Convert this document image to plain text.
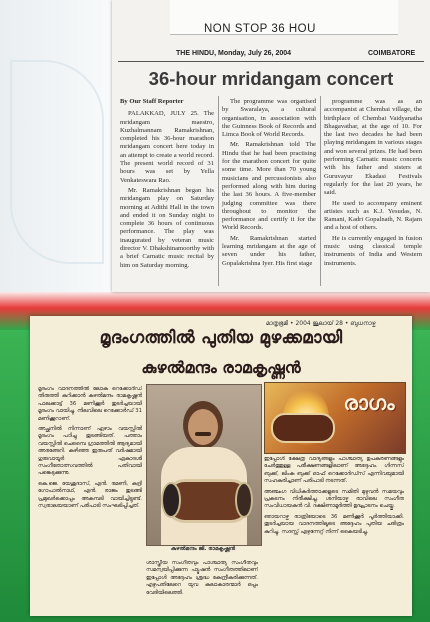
NON STOP 36 HOU
THE HINDU, Monday, July 26, 2004	COIMBATORE
36-hour mridangam concert

By Our Staff Reporter

PALAKKAD, JULY 25. The mridangam maestro, Kuzhalmannam Ramakrishnan, completed his 36-hour marathon mridangam concert here today in an attempt to create a world record. The present world record of 31 hours was set by Yella Venkateswara Rao.

Mr. Ramakrishnan began his mridangam play on Saturday morning at Adithi Hall in the town and ended it on Sunday night to complete 36 hours of continuous performance. The play was inaugurated by veteran music director V. Dhakshinamoorthy with a brief Carnatic music recital by him on Saturday morning.

The programme was organised by Swaralaya, a cultural organisation, in association with the Guinness Book of Records and Limca Book of World Records.

Mr. Ramakrishnan told The Hindu that he had been practising for the marathon concert for quite some time. More than 70 young musicians and percussionists also performed along with him during the last 36 hours. A five-member judging committee was there throughout to monitor the performance and certify it for the World Records.

Mr. Ramakrishnan started learning mridangam at the age of seven under his father, Gopalakrishna Iyer. His first stage

programme was as an accompanist at Chembai village, the birthplace of Chembai Vaidyanatha Bhagavathar, at the age of 10. For the last two decades he had been playing mridangam in various stages and won several prizes. He had been performing Carnatic music concerts with his father and sisters at Guruvayur Ekadasi Festivals regularly for the last 20 years, he said.

He used to accompany eminent artistes such as K.J. Yesudas, N. Ramani, Kadri Gopalnath, N. Rajam and a host of others.

He is currently engaged in fusion music using classical temple instruments of India and Western instruments.

മാതൃഭൂമി • 2004 ജൂലായ് 28 • ബുധനാഴ്ച
മൃദംഗത്തിൽ പുതിയ മുഴക്കമായി
കുഴൽമന്ദം രാമകൃഷ്ണൻ

മൃദംഗം വാദനത്തിൽ ലോക റെക്കോർഡ് തിരുത്തി കുറിക്കാൻ കുഴൽമന്ദം രാമകൃഷ്ണൻ പാലക്കാട്ട് 36 മണിക്കൂർ തുടർച്ചയായി മൃദംഗം വായിച്ചു. നിലവിലെ റെക്കോർഡ് 31 മണിക്കൂറാണ്.

അച്ഛനിൽ നിന്നാണ് ഏഴാം വയസ്സിൽ മൃദംഗം പഠിച്ചു തുടങ്ങിയത്. പത്താം വയസ്സിൽ ചെമ്പൈ ഗ്രാമത്തിൽ ആദ്യമായി അരങ്ങേറി. കഴിഞ്ഞ ഇരുപത് വർഷമായി ഗുരുവായൂർ ഏകാദശി സംഗീതോത്സവത്തിൽ പതിവായി പങ്കെടുക്കുന്നു.

കെ.ജെ. യേശുദാസ്, എൻ. രമണി, കദ്രി ഗോപാൽനാഥ്, എൻ. രാജം തുടങ്ങി പ്രമുഖർക്കൊപ്പം അകമ്പടി വായിച്ചിട്ടുണ്ട്. സ്വരാലയയാണ് പരിപാടി സംഘടിപ്പിച്ചത്.

കുഴൽമന്ദം ജി. രാമകൃഷ്ണൻ

ശാസ്ത്രീയ സംഗീതവും പാശ്ചാത്യ സംഗീതവും സമന്വയിപ്പിക്കുന്ന ഫ്യൂഷൻ സംഗീതത്തിലാണ് ഇപ്പോൾ അദ്ദേഹം ശ്രദ്ധ കേന്ദ്രീകരിക്കുന്നത്. എഴുപതിലേറെ യുവ കലാകാരന്മാർ ഒപ്പം വേദിയിലെത്തി.

രാഗം

ഇപ്പോൾ ക്ഷേത്ര വാദ്യങ്ങളും പാശ്ചാത്യ ഉപകരണങ്ങളും ചേർത്തുള്ള പരീക്ഷണങ്ങളിലാണ് അദ്ദേഹം. ഗിന്നസ് ബുക്ക്, ലിംക ബുക്ക് ഓഫ് റെക്കോർഡ്സ് എന്നിവയുമായി സഹകരിച്ചാണ് പരിപാടി നടന്നത്.

അഞ്ചംഗ വിധികർത്താക്കളുടെ സമിതി മുഴുവൻ സമയവും പ്രകടനം നിരീക്ഷിച്ചു. ശനിയാഴ്ച രാവിലെ സംഗീത സംവിധായകൻ വി. ദക്ഷിണാമൂർത്തി ഉദ്ഘാടനം ചെയ്തു.

ഞായറാഴ്ച രാത്രിയോടെ 36 മണിക്കൂർ പൂർത്തിയാക്കി. തുടർച്ചയായ വാദനത്തിലൂടെ അദ്ദേഹം പുതിയ ചരിത്രം കുറിച്ചു. സദസ്സ് എഴുന്നേറ്റ് നിന്ന് കൈയടിച്ചു.
